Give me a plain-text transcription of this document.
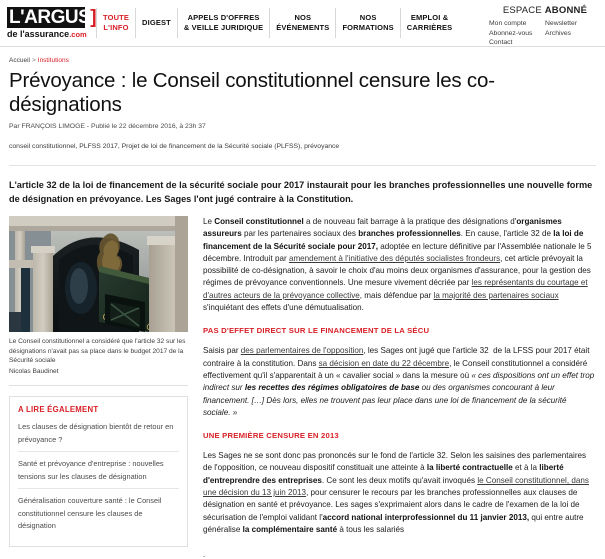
L'ARGUS]
de l'assurance.com
TOUTE
L'INFO
DIGEST
APPELS D'OFFRES
& VEILLE JURIDIQUE
NOS
ÉVÉNEMENTS
NOS
FORMATIONS
EMPLOI &
CARRIÈRES
ESPACE ABONNÉ
Mon compte	Newsletter
Abonnez-vous	Archives
Contact
Accueil > Institutions
Prévoyance : le Conseil constitutionnel censure les co-désignations
Par FRANÇOIS LIMOGE - Publié le 22 décembre 2016, à 23h 37
conseil constitutionnel, PLFSS 2017, Projet de loi de financement de la Sécurité sociale (PLFSS), prévoyance
L'article 32 de la loi de financement de la sécurité sociale pour 2017 instaurait pour les branches professionnelles une nouvelle forme de désignation en prévoyance. Les Sages l'ont jugé contraire à la Constitution.
Le Conseil constitutionnel a considéré que l'article 32 sur les désignations n'avait pas sa place dans le budget 2017 de la Sécurité sociale
Nicolas Baudinet
A LIRE ÉGALEMENT
Les clauses de désignation bientôt de retour en prévoyance ?
Santé et prévoyance d'entreprise : nouvelles tensions sur les clauses de désignation
Généralisation couverture santé : le Conseil constitutionnel censure les clauses de désignation

Le Conseil constitutionnel a de nouveau fait barrage à la pratique des désignations d'organismes assureurs par les partenaires sociaux des branches professionnelles. En cause, l'article 32 de la loi de financement de la Sécurité sociale pour 2017, adoptée en lecture définitive par l'Assemblée nationale le 5 décembre. Introduit par amendement à l'initiative des députés socialistes frondeurs, cet article prévoyait la possibilité de co-désignation, à savoir le choix d'au moins deux organismes d'assurance, pour la gestion des régimes de prévoyance conventionnels. Une mesure vivement décriée par les représentants du courtage et d'autres acteurs de la prévoyance collective, mais défendue par la majorité des partenaires sociaux s'inquiétant des effets d'une démutualisation.

PAS D'EFFET DIRECT SUR LE FINANCEMENT DE LA SÉCU

Saisis par des parlementaires de l'opposition, les Sages ont jugé que l'article 32  de la LFSS pour 2017 était contraire à la constitution. Dans sa décision en date du 22 décembre, le Conseil constitutionnel a considéré effectivement qu'il s'apparentait à un « cavalier social » dans la mesure où « ces dispositions ont un effet trop indirect sur les recettes des régimes obligatoires de base ou des organismes concourant à leur financement. […] Dès lors, elles ne trouvent pas leur place dans une loi de financement de la sécurité sociale. »

UNE PREMIÈRE CENSURE EN 2013

Les Sages ne se sont donc pas prononcés sur le fond de l'article 32. Selon les saisines des parlementaires de l'opposition, ce nouveau dispositif constituait une atteinte à la liberté contractuelle et à la liberté d'entreprendre des entreprises. Ce sont les deux motifs qu'avait invoqués le Conseil constitutionnel, dans une décision du 13 juin 2013, pour censurer le recours par les branches professionnelles aux clauses de désignation en santé et prévoyance. Les sages s'exprimaient alors dans le cadre de l'examen de la loi de sécurisation de l'emploi validant l'accord national interprofessionnel du 11 janvier 2013, qui entre autre généralise la complémentaire santé à tous les salariés

.
